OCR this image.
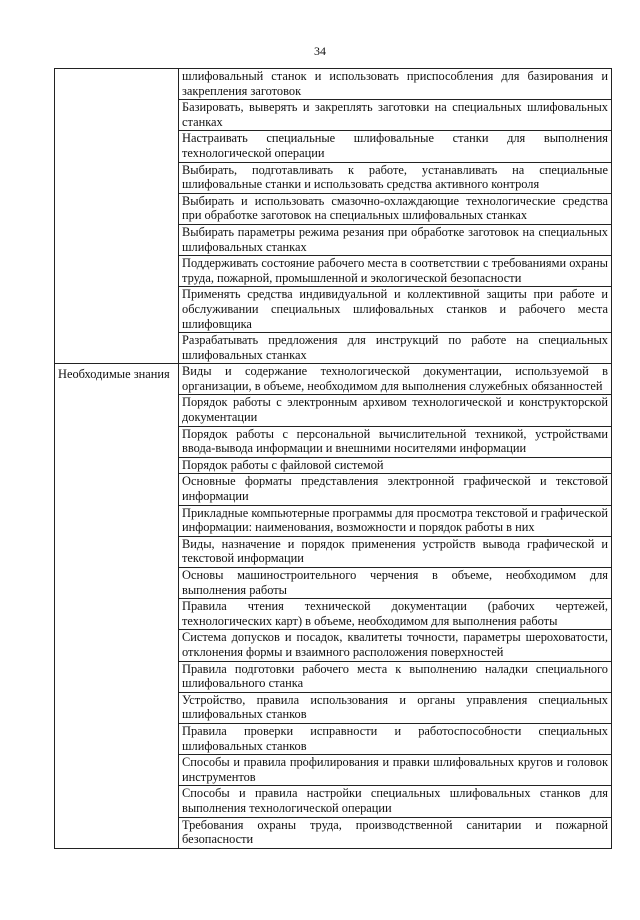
34
	шлифовальный станок и использовать приспособления для базирования и закрепления заготовок
	Базировать, выверять и закреплять заготовки на специальных шлифовальных станках
	Настраивать специальные шлифовальные станки для выполнения технологической операции
	Выбирать, подготавливать к работе, устанавливать на специальные шлифовальные станки и использовать средства активного контроля
	Выбирать и использовать смазочно-охлаждающие технологические средства при обработке заготовок на специальных шлифовальных станках
	Выбирать параметры режима резания при обработке заготовок на специальных шлифовальных станках
	Поддерживать состояние рабочего места в соответствии с требованиями охраны труда, пожарной, промышленной и экологической безопасности
	Применять средства индивидуальной и коллективной защиты при работе и обслуживании специальных шлифовальных станков и рабочего места шлифовщика
	Разрабатывать предложения для инструкций по работе на специальных шлифовальных станках
Необходимые знания	Виды и содержание технологической документации, используемой в организации, в объеме, необходимом для выполнения служебных обязанностей
	Порядок работы с электронным архивом технологической и конструкторской документации
	Порядок работы с персональной вычислительной техникой, устройствами ввода-вывода информации и внешними носителями информации
	Порядок работы с файловой системой
	Основные форматы представления электронной графической и текстовой информации
	Прикладные компьютерные программы для просмотра текстовой и графической информации: наименования, возможности и порядок работы в них
	Виды, назначение и порядок применения устройств вывода графической и текстовой информации
	Основы машиностроительного черчения в объеме, необходимом для выполнения работы
	Правила чтения технической документации (рабочих чертежей, технологических карт) в объеме, необходимом для выполнения работы
	Система допусков и посадок, квалитеты точности, параметры шероховатости, отклонения формы и взаимного расположения поверхностей
	Правила подготовки рабочего места к выполнению наладки специального шлифовального станка
	Устройство, правила использования и органы управления специальных шлифовальных станков
	Правила проверки исправности и работоспособности специальных шлифовальных станков
	Способы и правила профилирования и правки шлифовальных кругов и головок инструментов
	Способы и правила настройки специальных шлифовальных станков для выполнения технологической операции
	Требования охраны труда, производственной санитарии и пожарной безопасности
